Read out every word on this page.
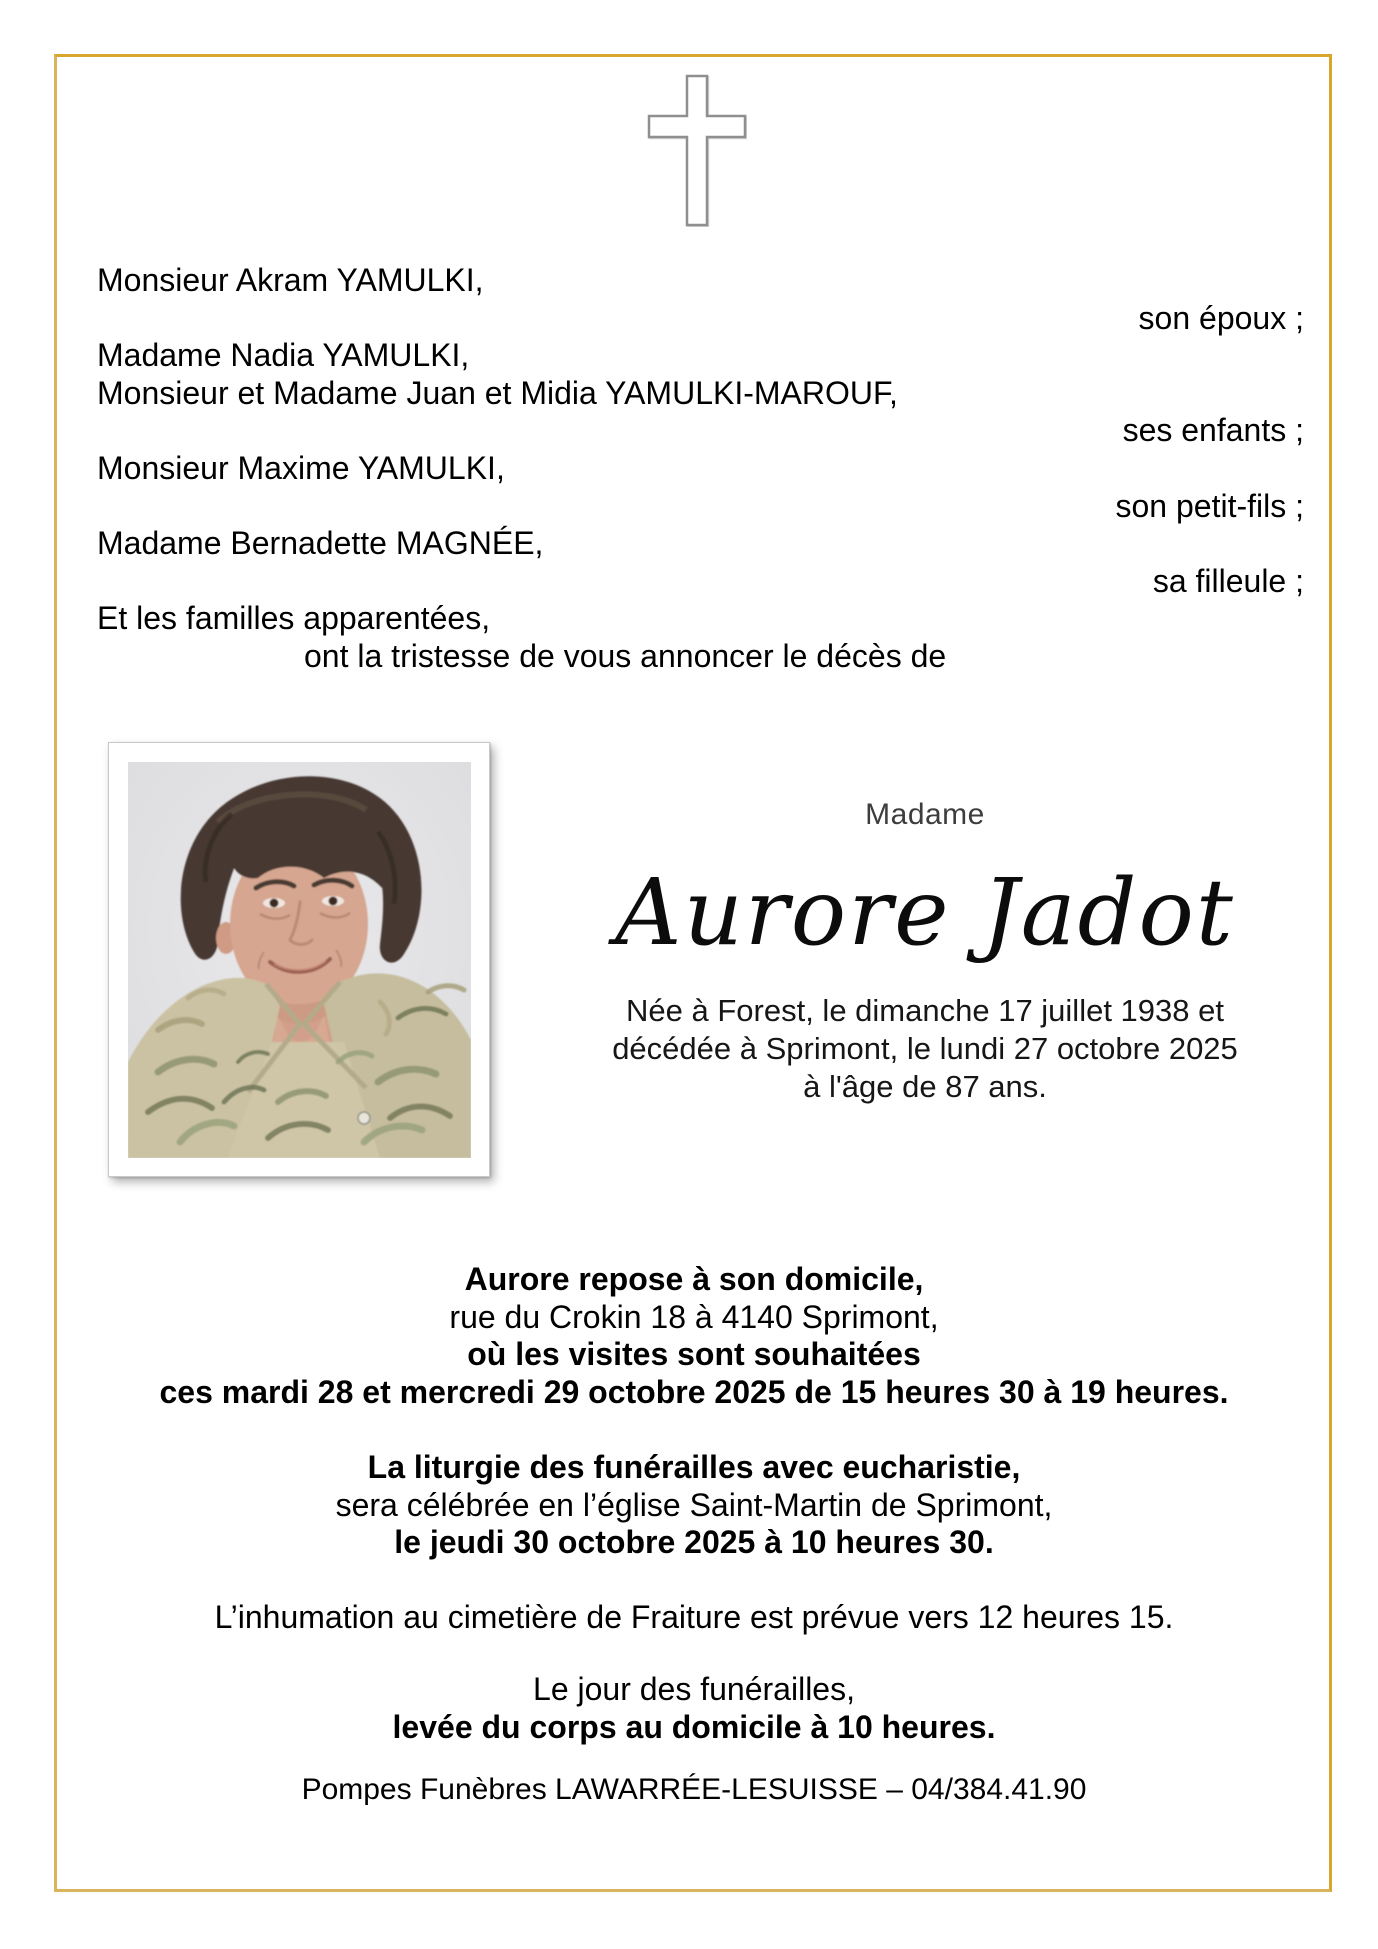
Monsieur Akram YAMULKI,
son époux ;
Madame Nadia YAMULKI,
Monsieur et Madame Juan et Midia YAMULKI-MAROUF,
ses enfants ;
Monsieur Maxime YAMULKI,
son petit-fils ;
Madame Bernadette MAGNÉE,
sa filleule ;
Et les familles apparentées,
ont la tristesse de vous annoncer le décès de
Madame
Aurore Jadot
Née à Forest, le dimanche 17 juillet 1938 et
décédée à Sprimont, le lundi 27 octobre 2025
à l'âge de 87 ans.
Aurore repose à son domicile,
rue du Crokin 18 à 4140 Sprimont,
où les visites sont souhaitées
ces mardi 28 et mercredi 29 octobre 2025 de 15 heures 30 à 19 heures.
La liturgie des funérailles avec eucharistie,
sera célébrée en l’église Saint-Martin de Sprimont,
le jeudi 30 octobre 2025 à 10 heures 30.
L’inhumation au cimetière de Fraiture est prévue vers 12 heures 15.
Le jour des funérailles,
levée du corps au domicile à 10 heures.
Pompes Funèbres LAWARRÉE-LESUISSE – 04/384.41.90
